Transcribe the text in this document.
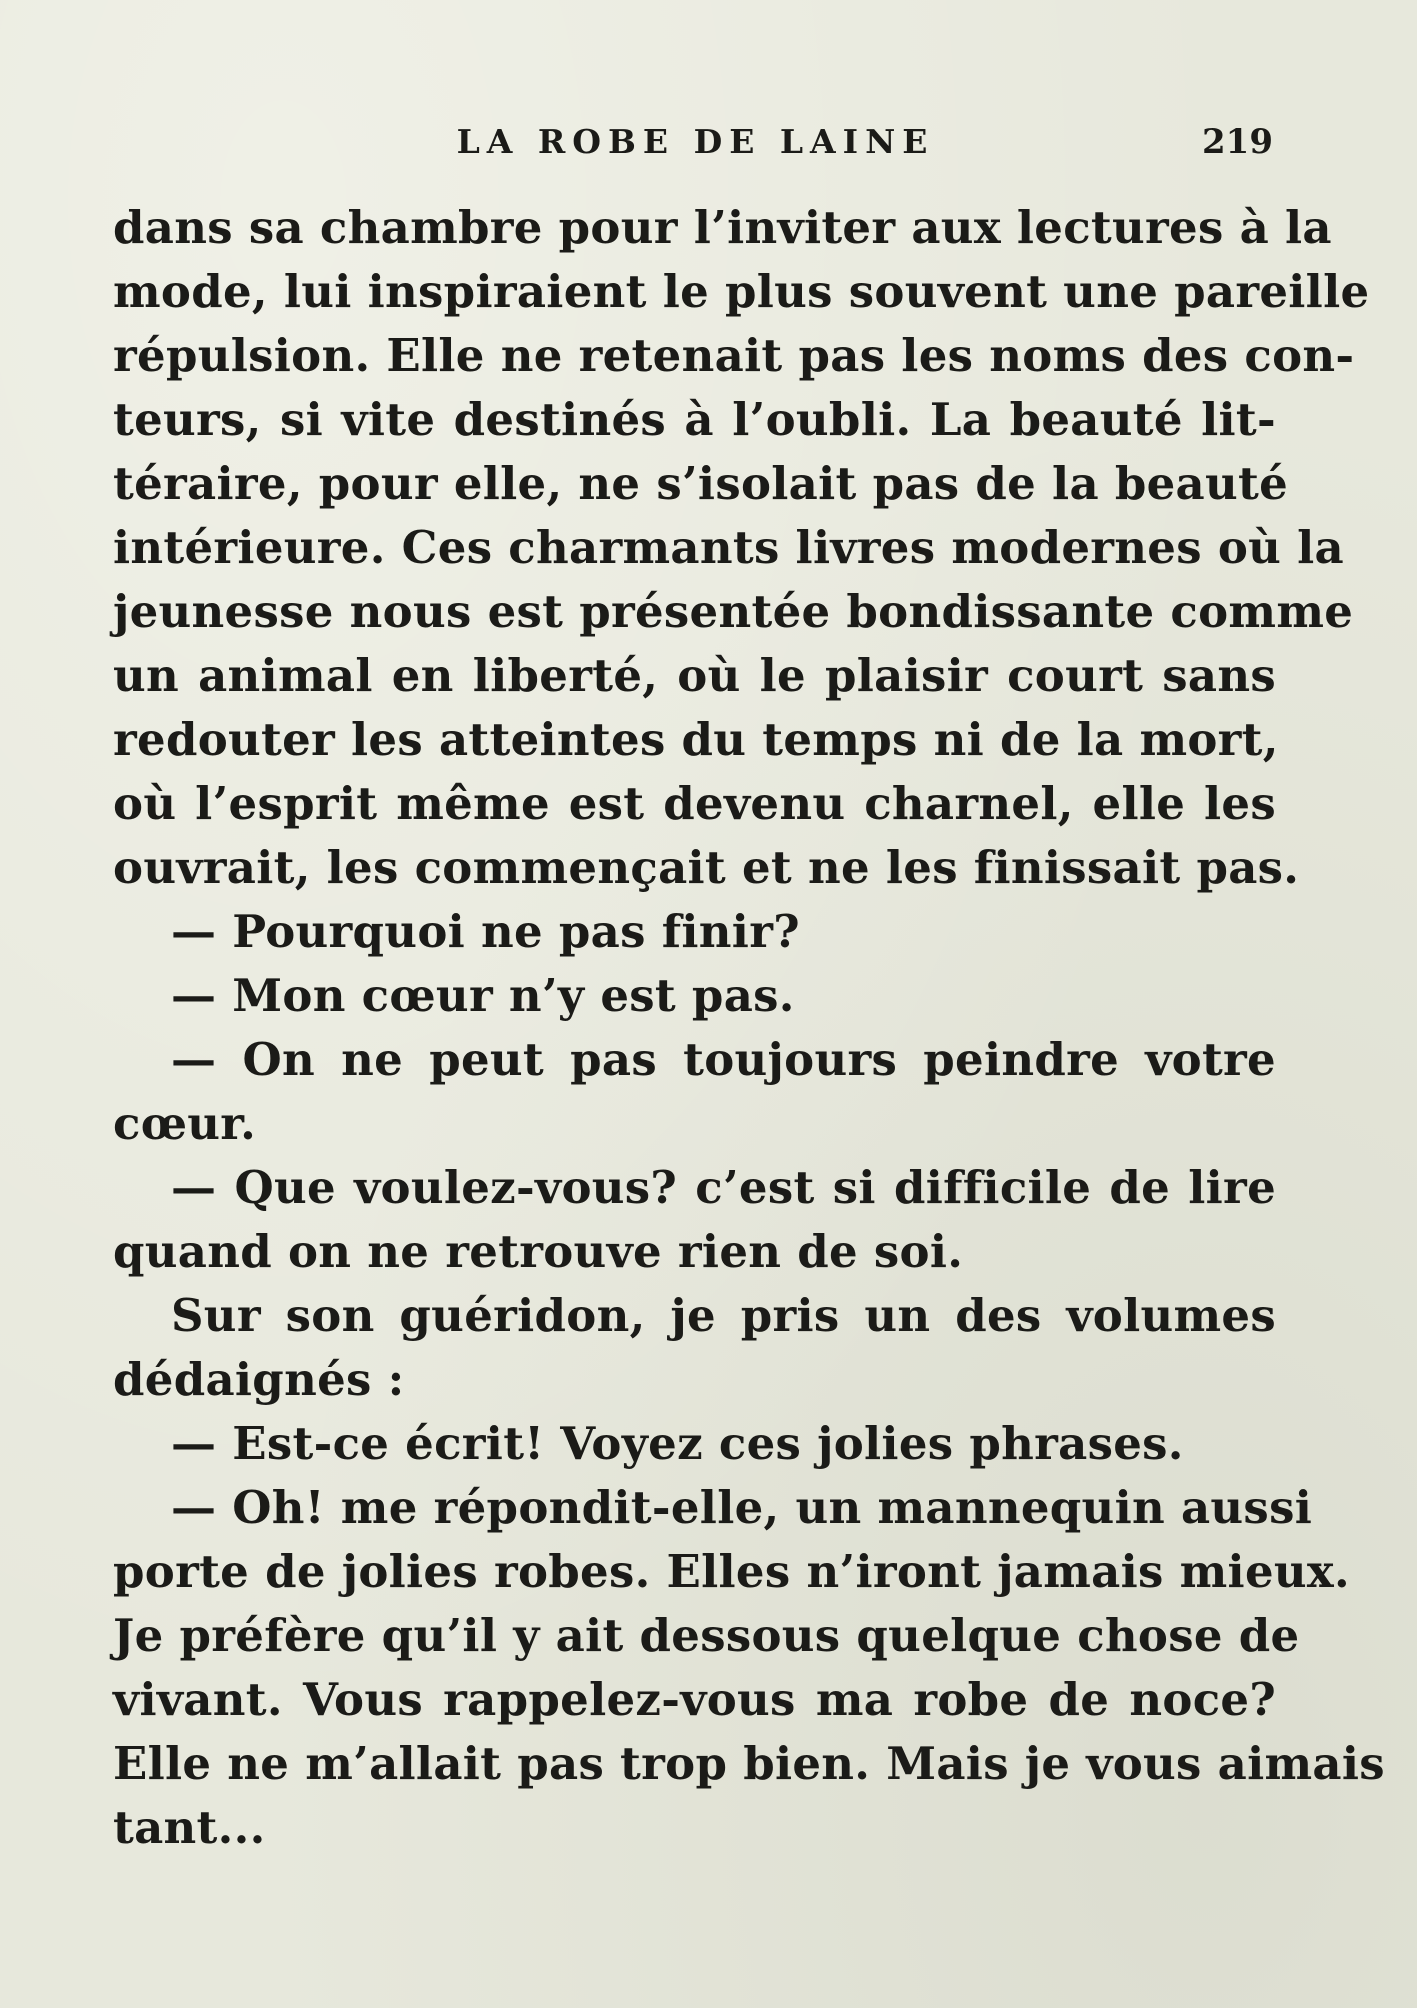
LA ROBE DE LAINE	219

dans sa chambre pour l’inviter aux lectures à la

mode, lui inspiraient le plus souvent une pareille

répulsion. Elle ne retenait pas les noms des con-

teurs, si vite destinés à l’oubli. La beauté lit-

téraire, pour elle, ne s’isolait pas de la beauté

intérieure. Ces charmants livres modernes où la

jeunesse nous est présentée bondissante comme

un animal en liberté, où le plaisir court sans

redouter les atteintes du temps ni de la mort,

où l’esprit même est devenu charnel, elle les

ouvrait, les commençait et ne les finissait pas.

— Pourquoi ne pas finir?

— Mon cœur n’y est pas.

— On ne peut pas toujours peindre votre

cœur.

— Que voulez-vous? c’est si difficile de lire

quand on ne retrouve rien de soi.

Sur son guéridon, je pris un des volumes

dédaignés :

— Est-ce écrit! Voyez ces jolies phrases.

— Oh! me répondit-elle, un mannequin aussi

porte de jolies robes. Elles n’iront jamais mieux.

Je préfère qu’il y ait dessous quelque chose de

vivant. Vous rappelez-vous ma robe de noce?

Elle ne m’allait pas trop bien. Mais je vous aimais

tant...
